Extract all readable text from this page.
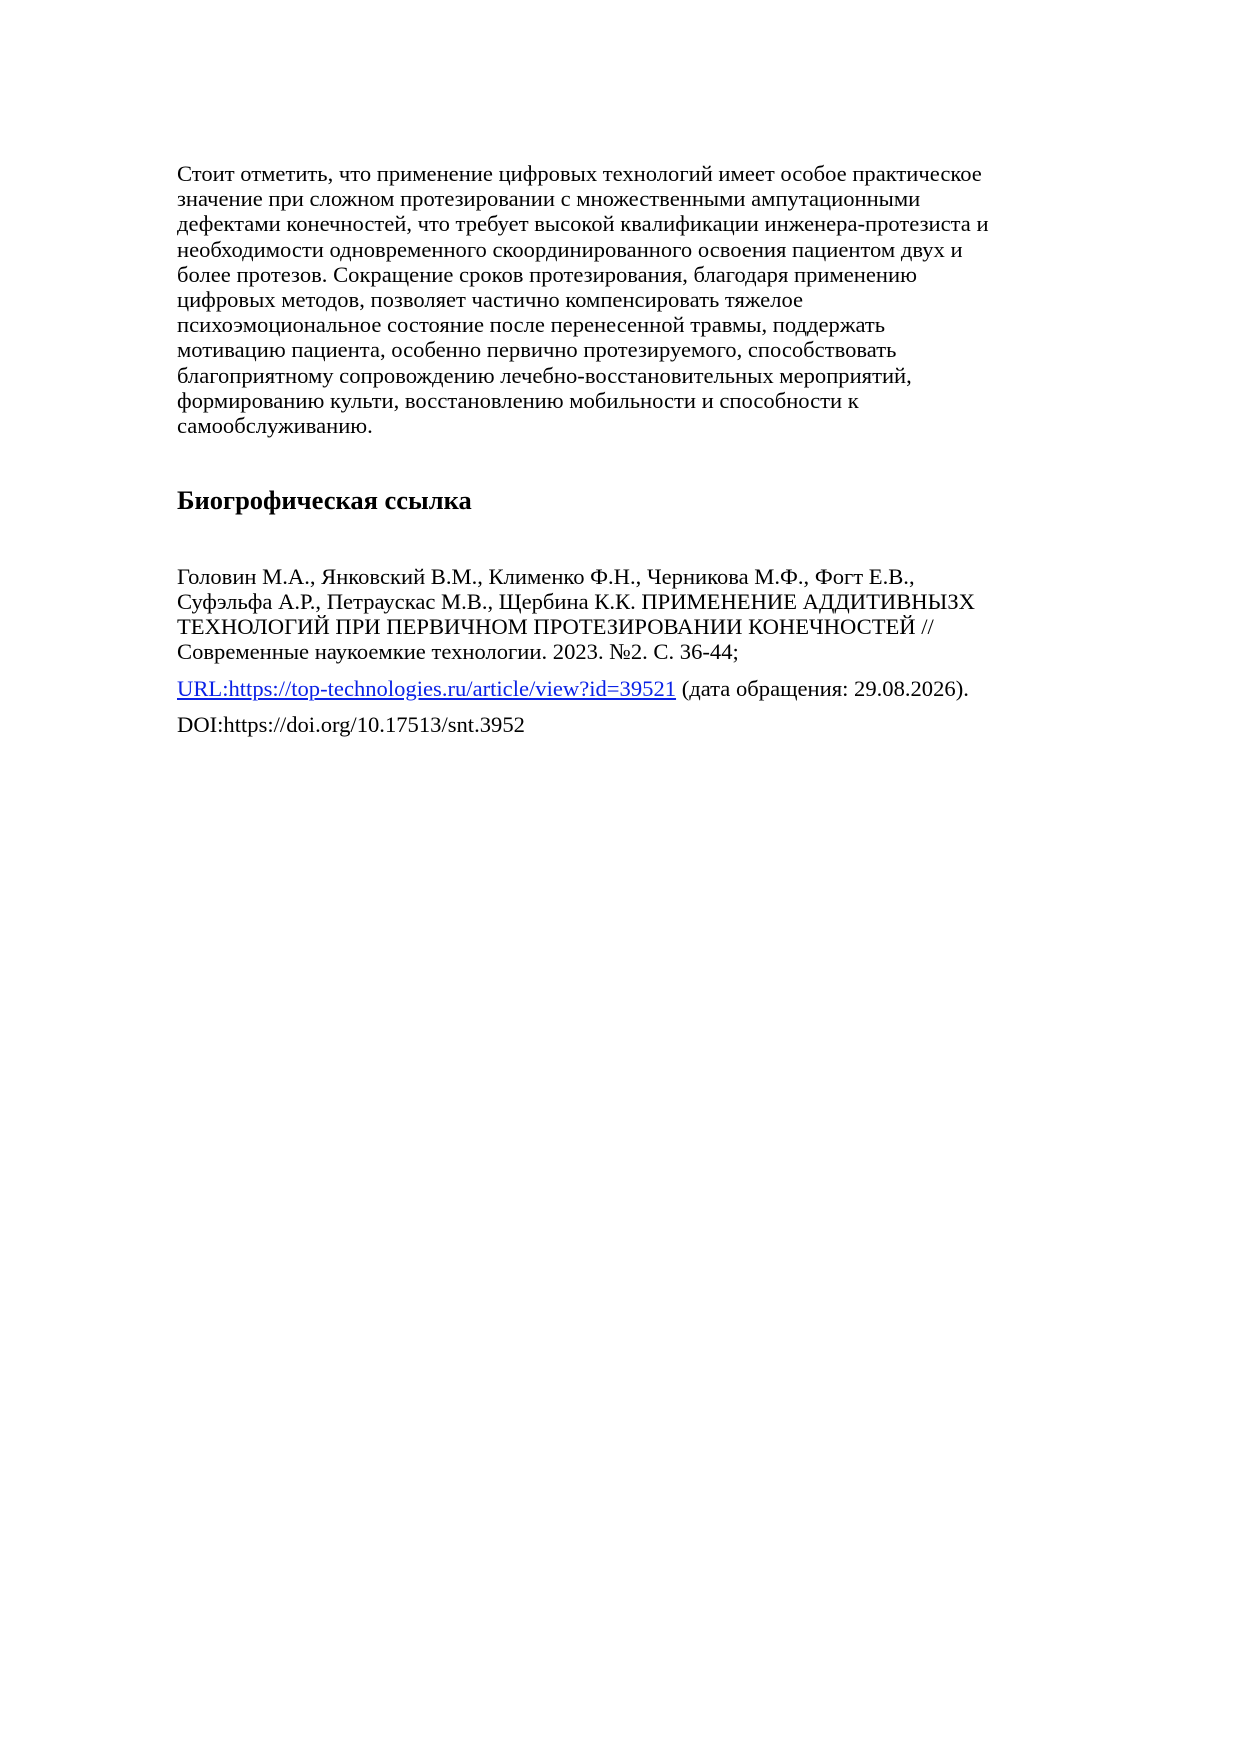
Стоит отметить, что применение цифровых технологий имеет особое практическое
значение при сложном протезировании с множественными ампутационными
дефектами конечностей, что требует высокой квалификации инженера-протезиста и
необходимости одновременного скоординированного освоения пациентом двух и
более протезов. Сокращение сроков протезирования, благодаря применению
цифровых методов, позволяет частично компенсировать тяжелое
психоэмоциональное состояние после перенесенной травмы, поддержать
мотивацию пациента, особенно первично протезируемого, способствовать
благоприятному сопровождению лечебно-восстановительных мероприятий,
формированию культи, восстановлению мобильности и способности к
самообслуживанию.
Биогрофическая ссылка
Головин М.А., Янковский В.М., Клименко Ф.Н., Черникова М.Ф., Фогт Е.В.,
Суфэльфа А.Р., Петраускас М.В., Щербина К.К. ПРИМЕНЕНИЕ АДДИТИВНЫЗХ
ТЕХНОЛОГИЙ ПРИ ПЕРВИЧНОМ ПРОТЕЗИРОВАНИИ КОНЕЧНОСТЕЙ //
Современные наукоемкие технологии. 2023. №2. С. 36-44;

URL:https://top-technologies.ru/article/view?id=39521 (дата обращения: 29.08.2026).

DOI:https://doi.org/10.17513/snt.3952
